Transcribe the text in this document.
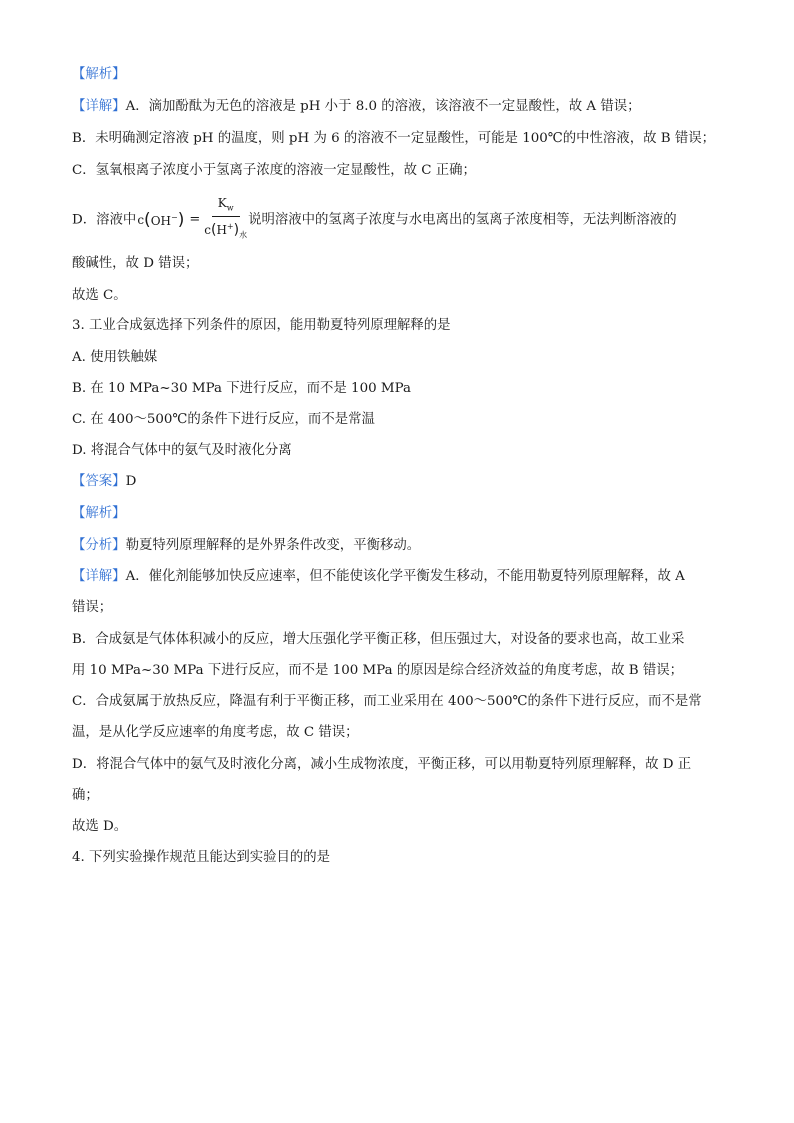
【解析】
【详解】A．滴加酚酞为无色的溶液是 pH 小于 8.0 的溶液，该溶液不一定显酸性，故 A 错误；
B．未明确测定溶液 pH 的温度，则 pH 为 6 的溶液不一定显酸性，可能是 100℃的中性溶液，故 B 错误；
C．氢氧根离子浓度小于氢离子浓度的溶液一定显酸性，故 C 正确；
D．溶液中 c ( OH− ) = $\frac{K_w}{c(H^+)_水}$ 说明溶液中的氢离子浓度与水电离出的氢离子浓度相等，无法判断溶液的
酸碱性，故 D 错误；
故选 C。
3. 工业合成氨选择下列条件的原因，能用勒夏特列原理解释的是
A. 使用铁触媒
B. 在 10 MPa~30 MPa 下进行反应，而不是 100 MPa
C. 在 400～500℃的条件下进行反应，而不是常温
D. 将混合气体中的氨气及时液化分离
【答案】D
【解析】
【分析】勒夏特列原理解释的是外界条件改变，平衡移动。
【详解】A．催化剂能够加快反应速率，但不能使该化学平衡发生移动，不能用勒夏特列原理解释，故 A
错误；
B．合成氨是气体体积减小的反应，增大压强化学平衡正移，但压强过大，对设备的要求也高，故工业采
用 10 MPa~30 MPa 下进行反应，而不是 100 MPa 的原因是综合经济效益的角度考虑，故 B 错误；
C．合成氨属于放热反应，降温有利于平衡正移，而工业采用在 400～500℃的条件下进行反应，而不是常
温，是从化学反应速率的角度考虑，故 C 错误；
D．将混合气体中的氨气及时液化分离，减小生成物浓度，平衡正移，可以用勒夏特列原理解释，故 D 正
确；
故选 D。
4. 下列实验操作规范且能达到实验目的的是
